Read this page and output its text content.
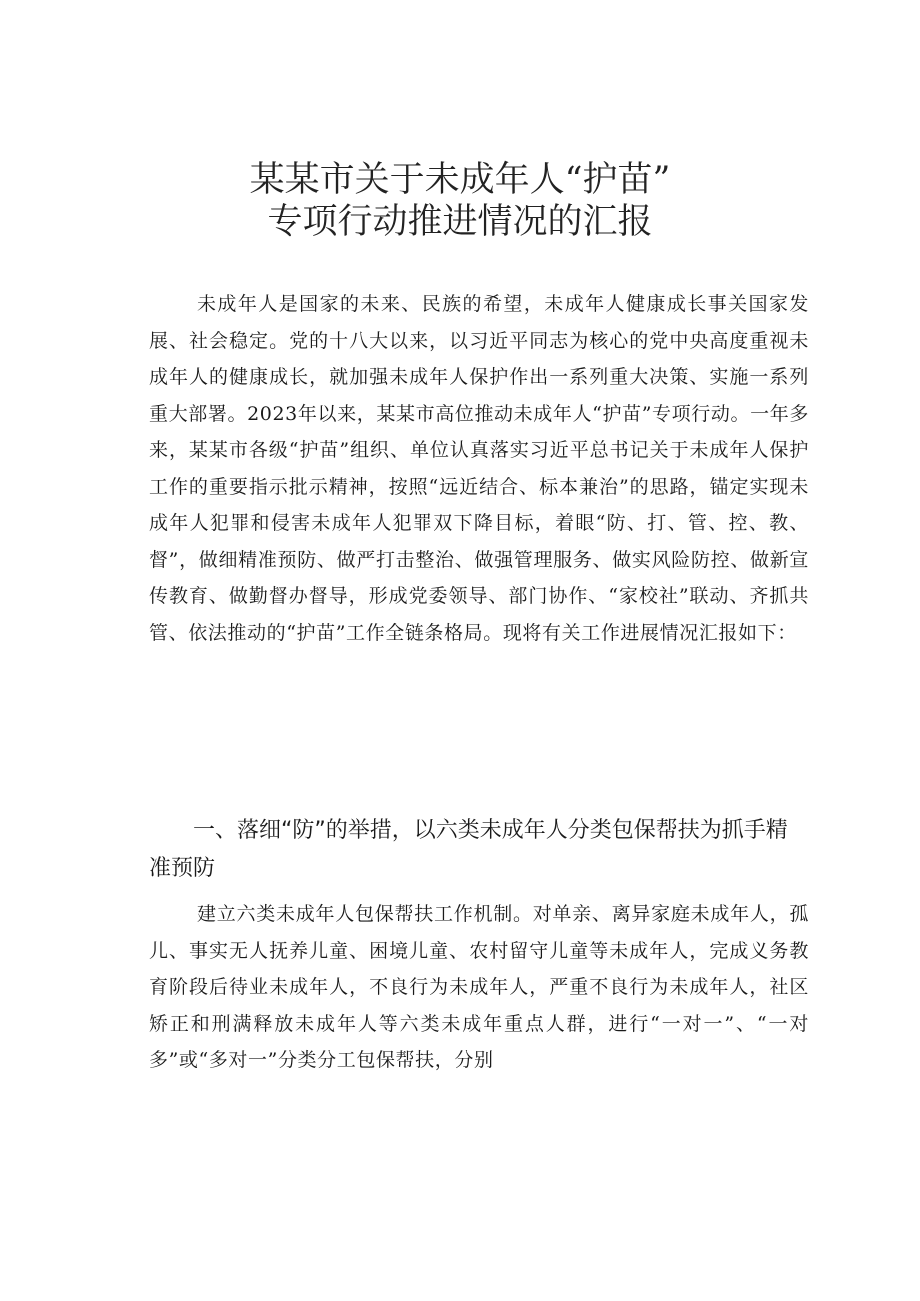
某某市关于未成年人“护苗”
专项行动推进情况的汇报

未成年人是国家的未来、民族的希望，未成年人健康成长事关国家发展、社会稳定。党的十八大以来，以习近平同志为核心的党中央高度重视未成年人的健康成长，就加强未成年人保护作出一系列重大决策、实施一系列重大部署。2023年以来，某某市高位推动未成年人“护苗”专项行动。一年多来，某某市各级“护苗”组织、单位认真落实习近平总书记关于未成年人保护工作的重要指示批示精神，按照“远近结合、标本兼治”的思路，锚定实现未成年人犯罪和侵害未成年人犯罪双下降目标，着眼“防、打、管、控、教、督”，做细精准预防、做严打击整治、做强管理服务、做实风险防控、做新宣传教育、做勤督办督导，形成党委领导、部门协作、“家校社”联动、齐抓共管、依法推动的“护苗”工作全链条格局。现将有关工作进展情况汇报如下：

一、落细“防”的举措，以六类未成年人分类包保帮扶为抓手精准预防

建立六类未成年人包保帮扶工作机制。对单亲、离异家庭未成年人，孤儿、事实无人抚养儿童、困境儿童、农村留守儿童等未成年人，完成义务教育阶段后待业未成年人，不良行为未成年人，严重不良行为未成年人，社区矫正和刑满释放未成年人等六类未成年重点人群，进行“一对一”、“一对多”或“多对一”分类分工包保帮扶，分别
